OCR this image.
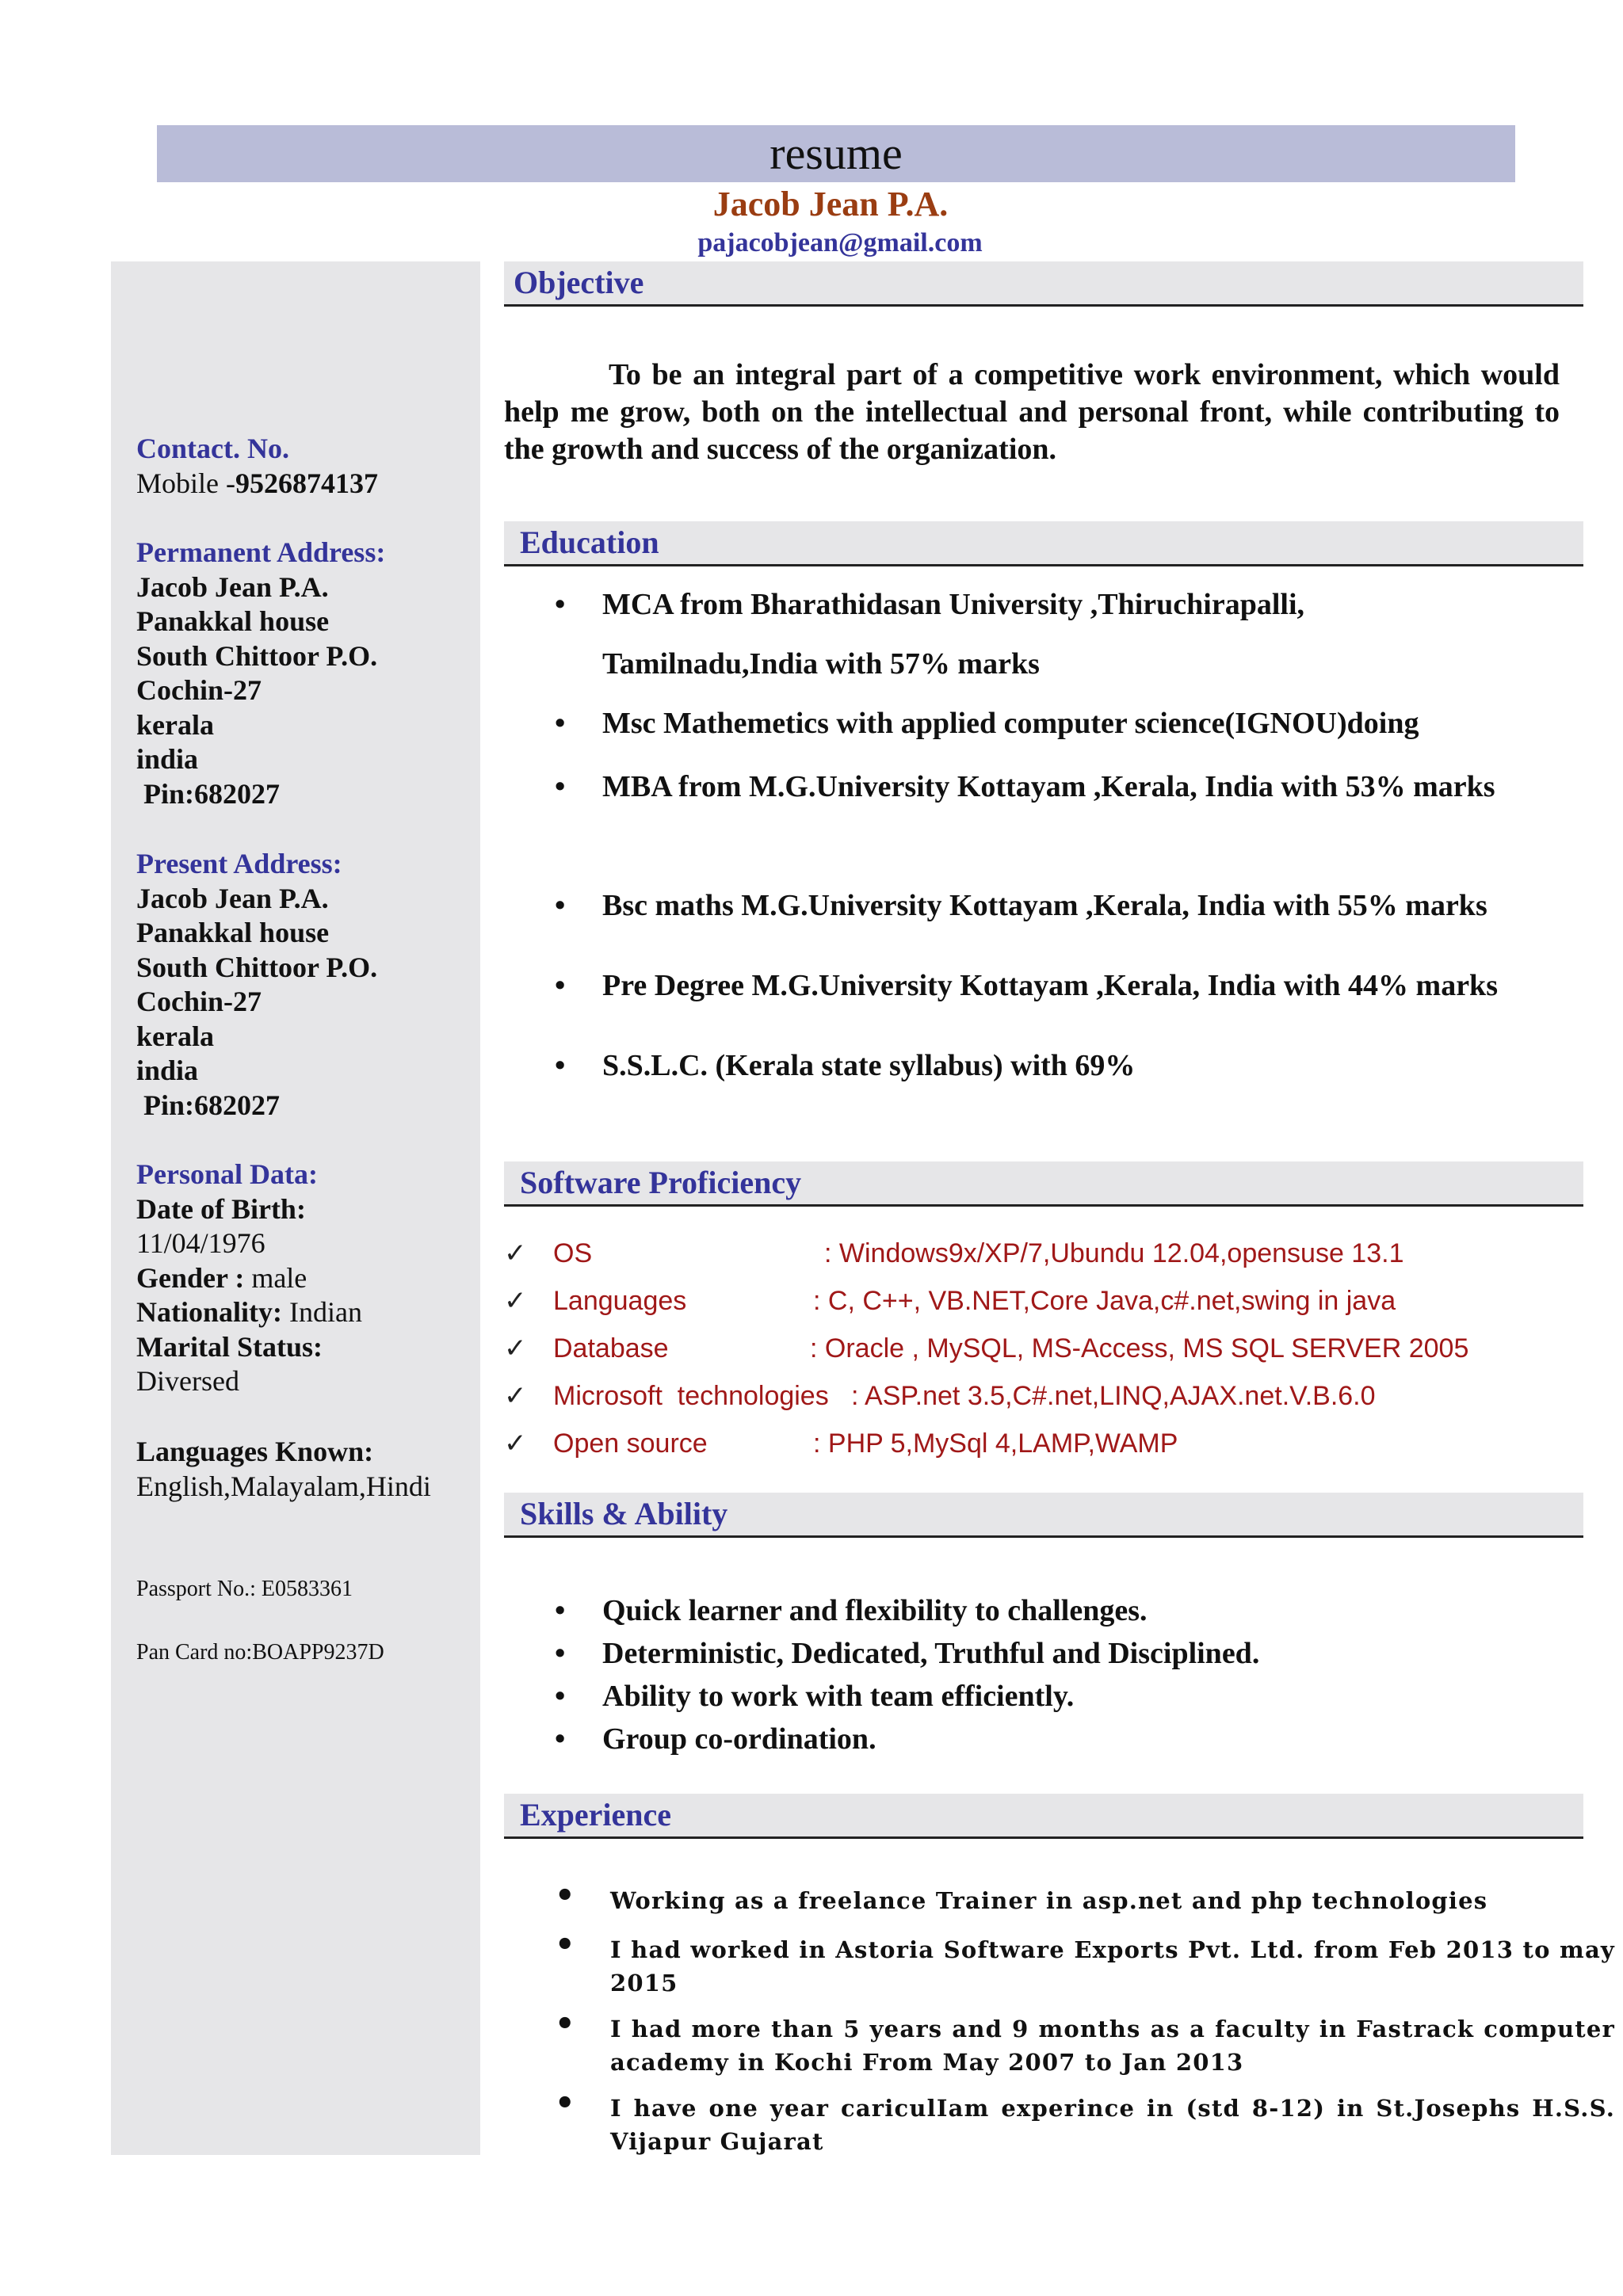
resume
Jacob Jean P.A.
pajacobjean@gmail.com
Contact. No.
Mobile -9526874137
Permanent Address:
Jacob Jean P.A.
Panakkal house
South Chittoor P.O.
Cochin-27
kerala
india
Pin:682027
Present Address:
Jacob Jean P.A.
Panakkal house
South Chittoor P.O.
Cochin-27
kerala
india
Pin:682027
Personal Data:
Date of Birth:
11/04/1976
Gender : male
Nationality: Indian
Marital Status:
Diversed
Languages Known:
English,Malayalam,Hindi
Passport No.: E0583361
Pan Card no:BOAPP9237D
Objective
To be an integral part of a competitive work environment, which would help me grow, both on the intellectual and personal front, while contributing to the growth and success of the organization.
Education
• MCA from Bharathidasan University ,Thiruchirapalli,
Tamilnadu,India with 57% marks
• Msc Mathemetics with applied computer science(IGNOU)doing
• MBA from M.G.University Kottayam ,Kerala, India with 53% marks
• Bsc maths M.G.University Kottayam ,Kerala, India with 55% marks
• Pre Degree M.G.University Kottayam ,Kerala, India with 44% marks
• S.S.L.C. (Kerala state syllabus) with 69%
Software Proficiency
✓ OS	: Windows9x/XP/7,Ubundu 12.04,opensuse 13.1
✓ Languages	: C, C++, VB.NET,Core Java,c#.net,swing in java
✓ Database	: Oracle , MySQL, MS-Access, MS SQL SERVER 2005
✓ Microsoft  technologies : ASP.net 3.5,C#.net,LINQ,AJAX.net.V.B.6.0
✓ Open source	: PHP 5,MySql 4,LAMP,WAMP
Skills & Ability
• Quick learner and flexibility to challenges.
• Deterministic, Dedicated, Truthful and Disciplined.
• Ability to work with team efficiently.
• Group co-ordination.
Experience
• Working as a freelance Trainer in asp.net and php technologies
• I had worked in Astoria Software Exports Pvt. Ltd. from Feb 2013 to may 2015
• I had more than 5 years and 9 months as a faculty in Fastrack computer academy in Kochi From May 2007 to Jan 2013
• I have one year cariculIam experince in (std 8-12) in St.Josephs H.S.S. Vijapur Gujarat
